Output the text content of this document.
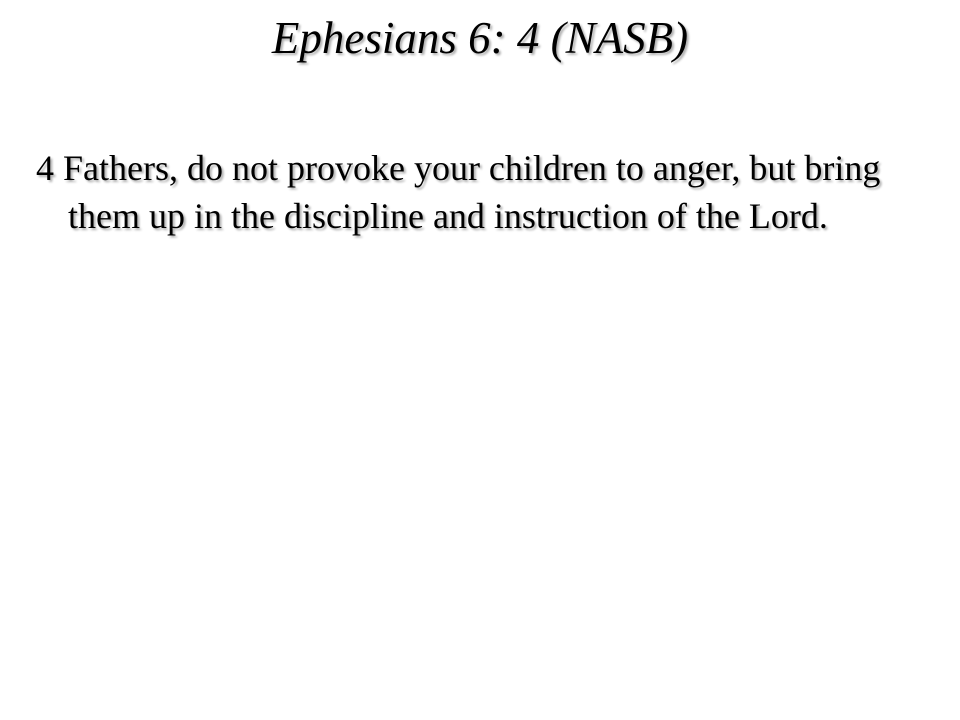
Ephesians 6: 4 (NASB)

4 Fathers, do not provoke your children to anger, but bring them up in the discipline and instruction of the Lord.
